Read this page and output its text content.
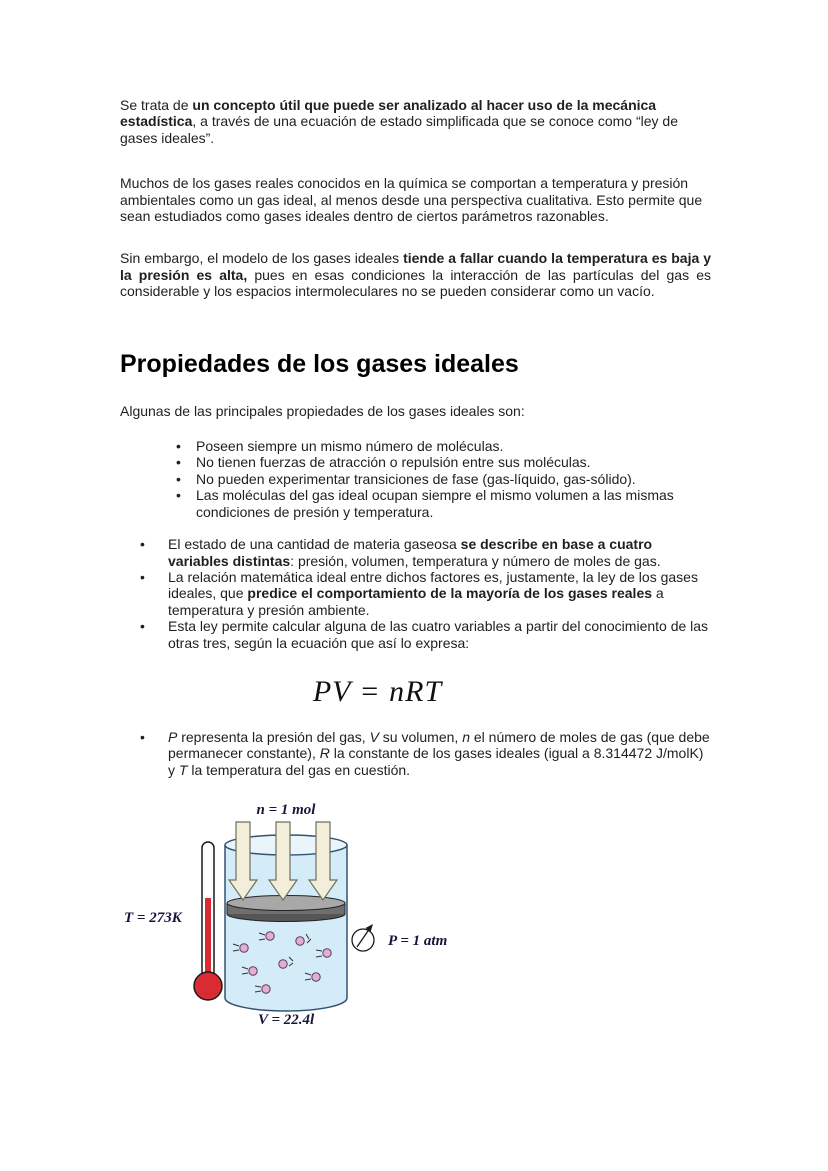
Se trata de un concepto útil que puede ser analizado al hacer uso de la mecánica estadística, a través de una ecuación de estado simplificada que se conoce como “ley de gases ideales”.

Muchos de los gases reales conocidos en la química se comportan a temperatura y presión ambientales como un gas ideal, al menos desde una perspectiva cualitativa. Esto permite que sean estudiados como gases ideales dentro de ciertos parámetros razonables.

Sin embargo, el modelo de los gases ideales tiende a fallar cuando la temperatura es baja y la presión es alta, pues en esas condiciones la interacción de las partículas del gas es considerable y los espacios intermoleculares no se pueden considerar como un vacío.

Propiedades de los gases ideales

Algunas de las principales propiedades de los gases ideales son:

• Poseen siempre un mismo número de moléculas.
• No tienen fuerzas de atracción o repulsión entre sus moléculas.
• No pueden experimentar transiciones de fase (gas-líquido, gas-sólido).
• Las moléculas del gas ideal ocupan siempre el mismo volumen a las mismas condiciones de presión y temperatura.
• El estado de una cantidad de materia gaseosa se describe en base a cuatro variables distintas: presión, volumen, temperatura y número de moles de gas.
• La relación matemática ideal entre dichos factores es, justamente, la ley de los gases ideales, que predice el comportamiento de la mayoría de los gases reales a temperatura y presión ambiente.
• Esta ley permite calcular alguna de las cuatro variables a partir del conocimiento de las otras tres, según la ecuación que así lo expresa:
PV = nRT
• P representa la presión del gas, V su volumen, n el número de moles de gas (que debe permanecer constante), R la constante de los gases ideales (igual a 8.314472 J/molK) y T la temperatura del gas en cuestión.
n = 1 mol
T = 273K
P = 1 atm
V = 22.4l
